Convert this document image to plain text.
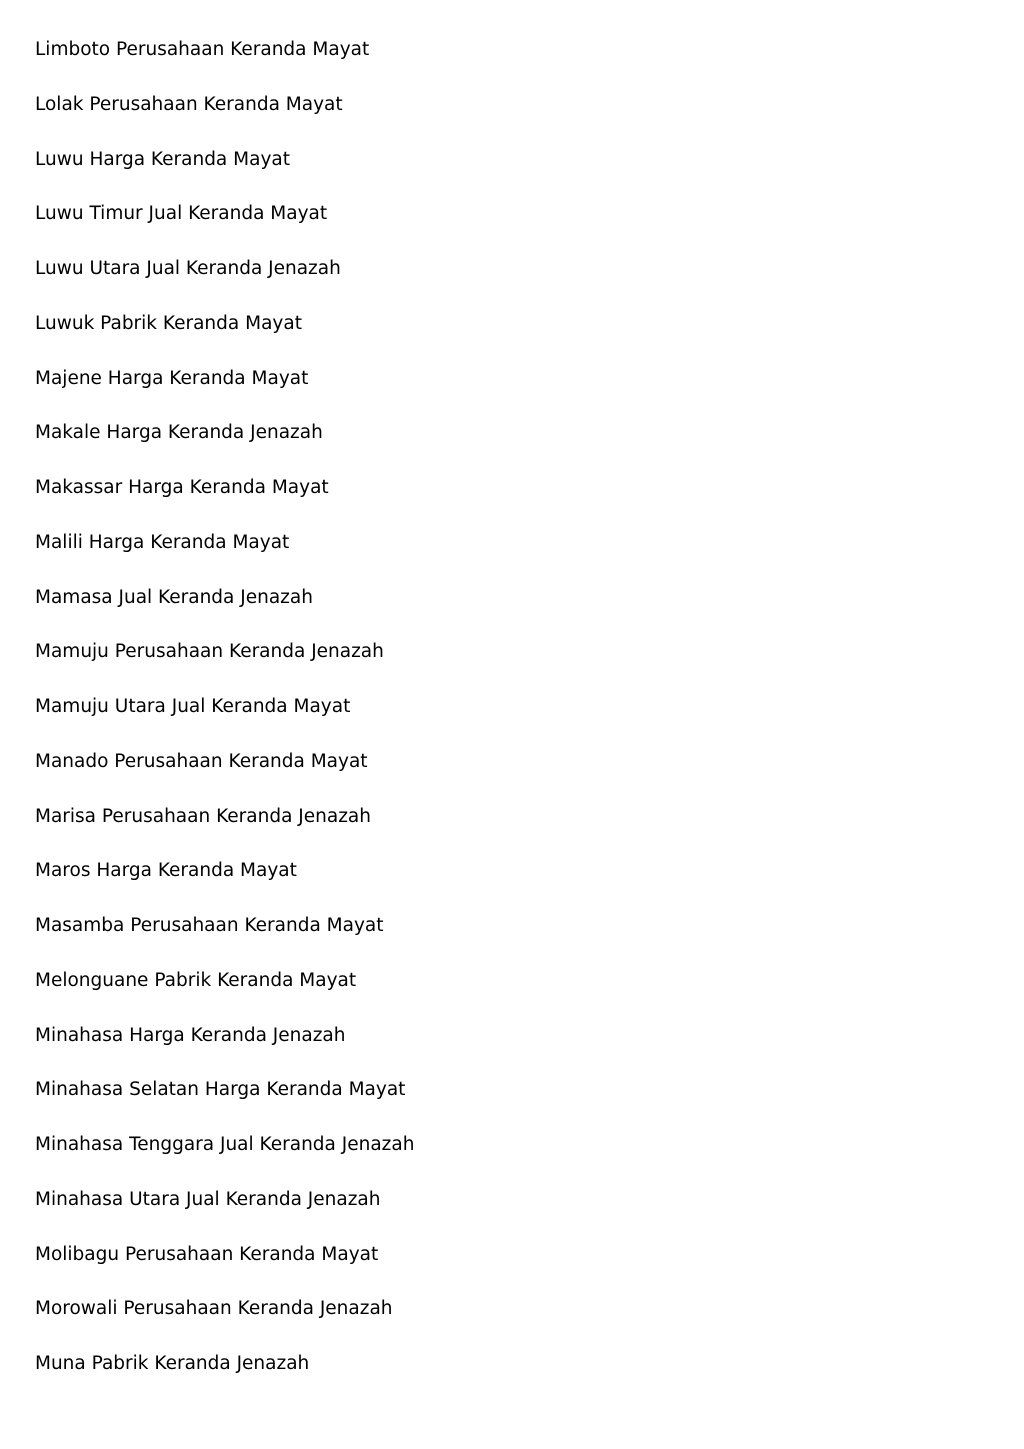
Limboto Perusahaan Keranda Mayat
Lolak Perusahaan Keranda Mayat
Luwu Harga Keranda Mayat
Luwu Timur Jual Keranda Mayat
Luwu Utara Jual Keranda Jenazah
Luwuk Pabrik Keranda Mayat
Majene Harga Keranda Mayat
Makale Harga Keranda Jenazah
Makassar Harga Keranda Mayat
Malili Harga Keranda Mayat
Mamasa Jual Keranda Jenazah
Mamuju Perusahaan Keranda Jenazah
Mamuju Utara Jual Keranda Mayat
Manado Perusahaan Keranda Mayat
Marisa Perusahaan Keranda Jenazah
Maros Harga Keranda Mayat
Masamba Perusahaan Keranda Mayat
Melonguane Pabrik Keranda Mayat
Minahasa Harga Keranda Jenazah
Minahasa Selatan Harga Keranda Mayat
Minahasa Tenggara Jual Keranda Jenazah
Minahasa Utara Jual Keranda Jenazah
Molibagu Perusahaan Keranda Mayat
Morowali Perusahaan Keranda Jenazah
Muna Pabrik Keranda Jenazah
